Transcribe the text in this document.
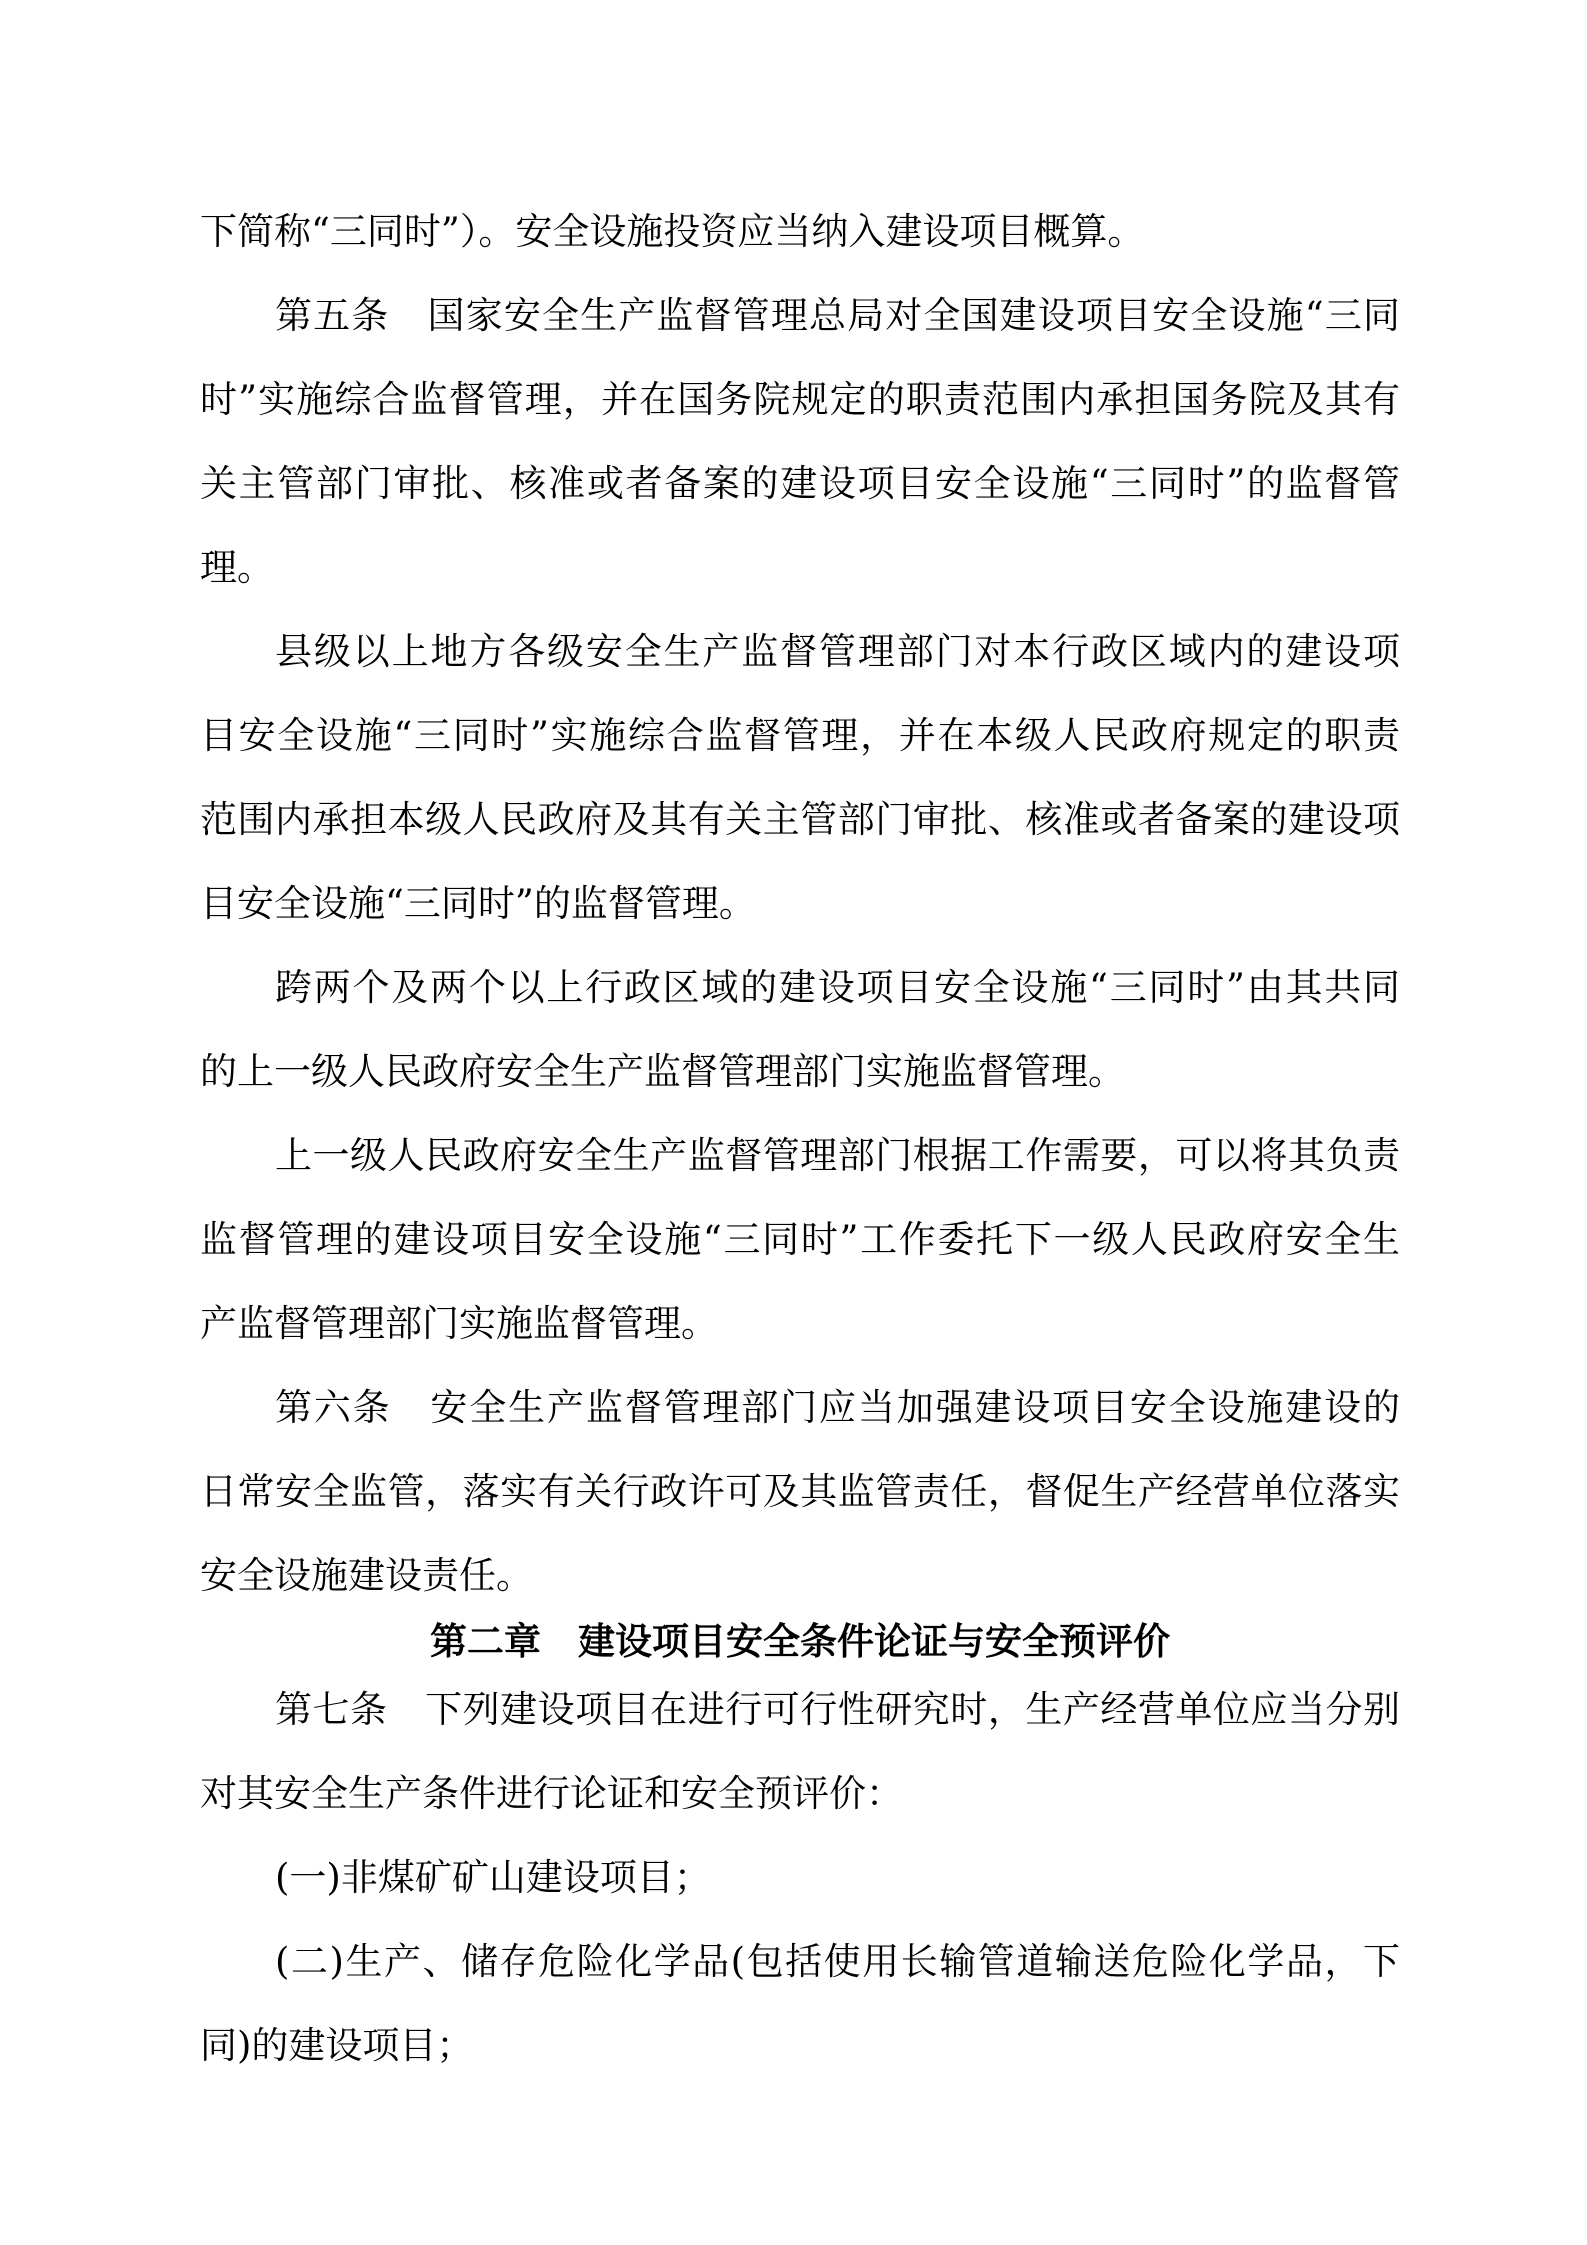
下简称“三同时”）。安全设施投资应当纳入建设项目概算。
第五条　国家安全生产监督管理总局对全国建设项目安全设施“三同
时”实施综合监督管理，并在国务院规定的职责范围内承担国务院及其有
关主管部门审批、核准或者备案的建设项目安全设施“三同时”的监督管
理。
县级以上地方各级安全生产监督管理部门对本行政区域内的建设项
目安全设施“三同时”实施综合监督管理，并在本级人民政府规定的职责
范围内承担本级人民政府及其有关主管部门审批、核准或者备案的建设项
目安全设施“三同时”的监督管理。
跨两个及两个以上行政区域的建设项目安全设施“三同时”由其共同
的上一级人民政府安全生产监督管理部门实施监督管理。
上一级人民政府安全生产监督管理部门根据工作需要，可以将其负责
监督管理的建设项目安全设施“三同时”工作委托下一级人民政府安全生
产监督管理部门实施监督管理。
第六条　安全生产监督管理部门应当加强建设项目安全设施建设的
日常安全监管，落实有关行政许可及其监管责任，督促生产经营单位落实
安全设施建设责任。
第二章　建设项目安全条件论证与安全预评价
第七条　下列建设项目在进行可行性研究时，生产经营单位应当分别
对其安全生产条件进行论证和安全预评价：
(一)非煤矿矿山建设项目；
(二)生产、储存危险化学品(包括使用长输管道输送危险化学品，下
同)的建设项目；
